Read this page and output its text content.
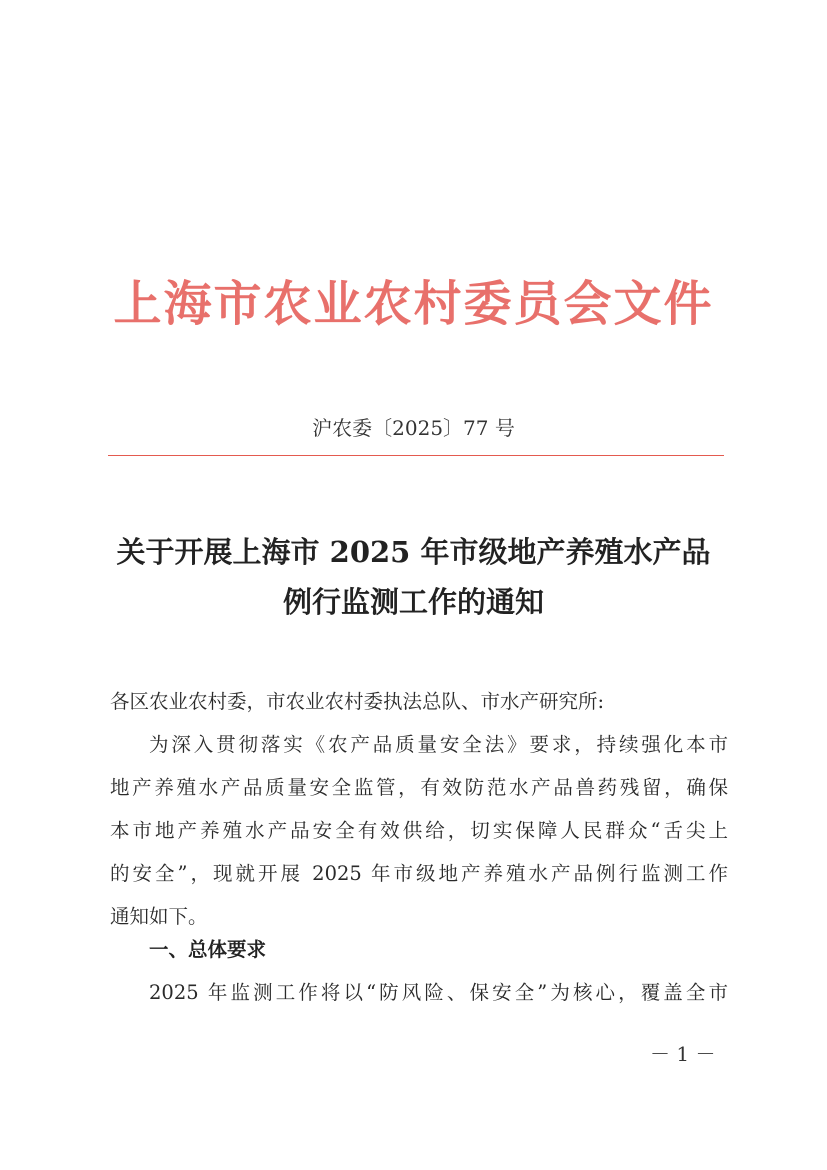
上海市农业农村委员会文件
沪农委〔2025〕77 号
关于开展上海市 2025 年市级地产养殖水产品
例行监测工作的通知
各区农业农村委，市农业农村委执法总队、市水产研究所:
为深入贯彻落实《农产品质量安全法》要求，持续强化本市
地产养殖水产品质量安全监管，有效防范水产品兽药残留，确保
本市地产养殖水产品安全有效供给，切实保障人民群众“舌尖上
的安全”，现就开展 2025 年市级地产养殖水产品例行监测工作
通知如下。
一、总体要求
2025 年监测工作将以“防风险、保安全”为核心，覆盖全市
－ 1 －
